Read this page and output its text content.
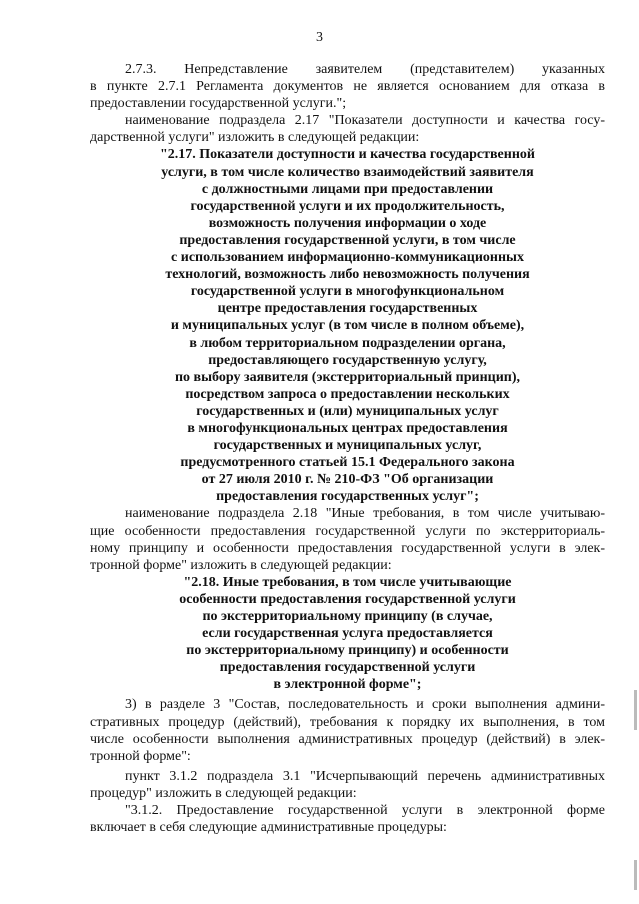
3
2.7.3. Непредставление заявителем (представителем) указанных
в пункте 2.7.1 Регламента документов не является основанием для отказа в
предоставлении государственной услуги.";
наименование подраздела 2.17 "Показатели доступности и качества госу-
дарственной услуги" изложить в следующей редакции:
"2.17. Показатели доступности и качества государственной
услуги, в том числе количество взаимодействий заявителя
с должностными лицами при предоставлении
государственной услуги и их продолжительность,
возможность получения информации о ходе
предоставления государственной услуги, в том числе
с использованием информационно-коммуникационных
технологий, возможность либо невозможность получения
государственной услуги в многофункциональном
центре предоставления государственных
и муниципальных услуг (в том числе в полном объеме),
в любом территориальном подразделении органа,
предоставляющего государственную услугу,
по выбору заявителя (экстерриториальный принцип),
посредством запроса о предоставлении нескольких
государственных и (или) муниципальных услуг
в многофункциональных центрах предоставления
государственных и муниципальных услуг,
предусмотренного статьей 15.1 Федерального закона
от 27 июля 2010 г. № 210-ФЗ "Об организации
предоставления государственных услуг";
наименование подраздела 2.18 "Иные требования, в том числе учитываю-
щие особенности предоставления государственной услуги по экстерриториаль-
ному принципу и особенности предоставления государственной услуги в элек-
тронной форме" изложить в следующей редакции:
"2.18. Иные требования, в том числе учитывающие
особенности предоставления государственной услуги
по экстерриториальному принципу (в случае,
если государственная услуга предоставляется
по экстерриториальному принципу) и особенности
предоставления государственной услуги
в электронной форме";
3) в разделе 3 "Состав, последовательность и сроки выполнения админи-
стративных процедур (действий), требования к порядку их выполнения, в том
числе особенности выполнения административных процедур (действий) в элек-
тронной форме":
пункт 3.1.2 подраздела 3.1 "Исчерпывающий перечень административных
процедур" изложить в следующей редакции:
"3.1.2. Предоставление государственной услуги в электронной форме
включает в себя следующие административные процедуры:
